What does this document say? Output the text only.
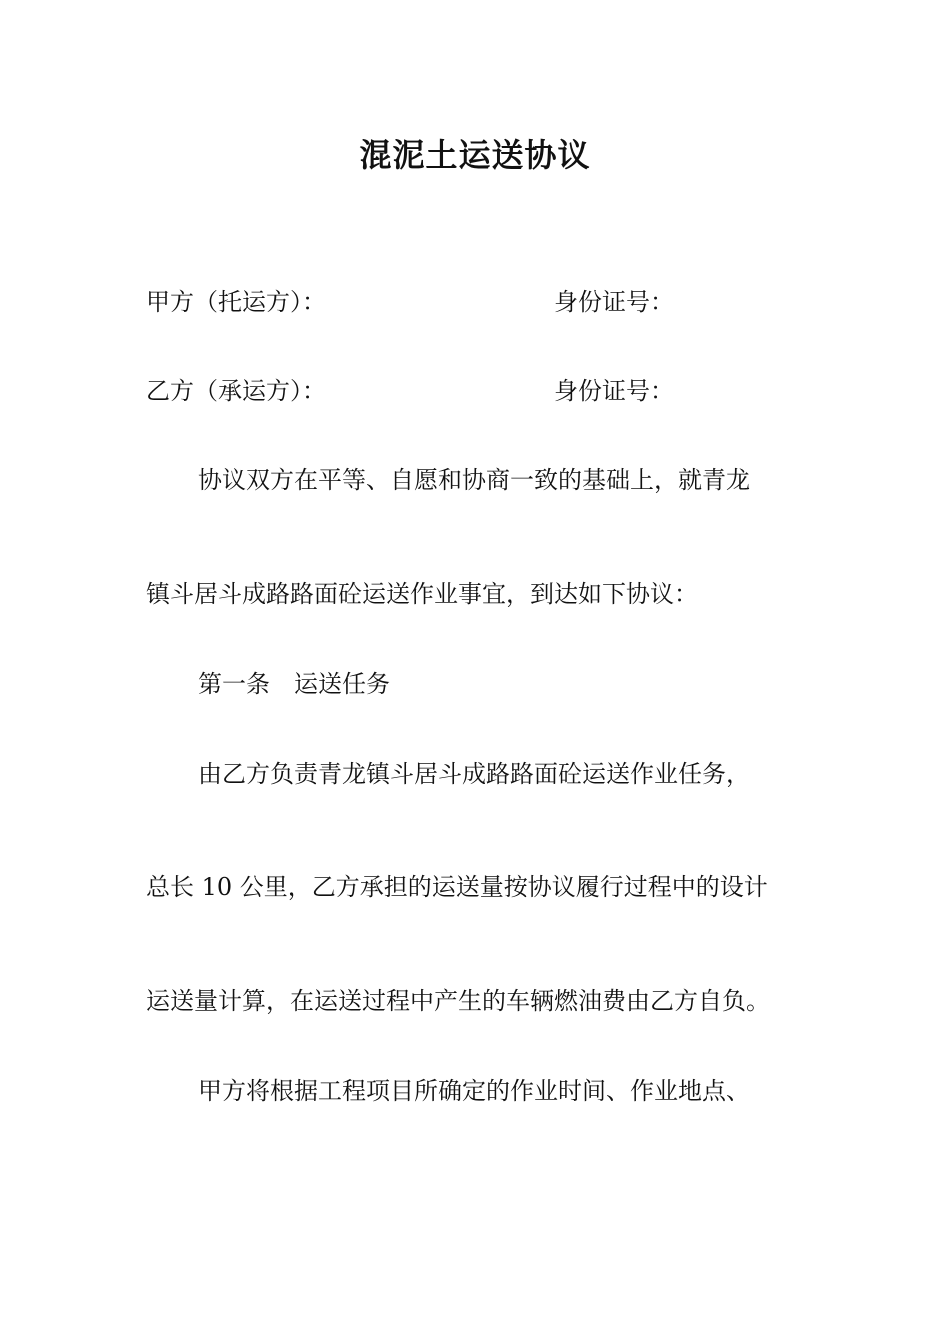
混泥土运送协议
甲方（托运方）：	身份证号：
乙方（承运方）：	身份证号：
协议双方在平等、自愿和协商一致的基础上，就青龙
镇斗居斗成路路面砼运送作业事宜，到达如下协议：
第一条 运送任务
由乙方负责青龙镇斗居斗成路路面砼运送作业任务，
总长 10 公里，乙方承担的运送量按协议履行过程中的设计
运送量计算，在运送过程中产生的车辆燃油费由乙方自负。
甲方将根据工程项目所确定的作业时间、作业地点、
